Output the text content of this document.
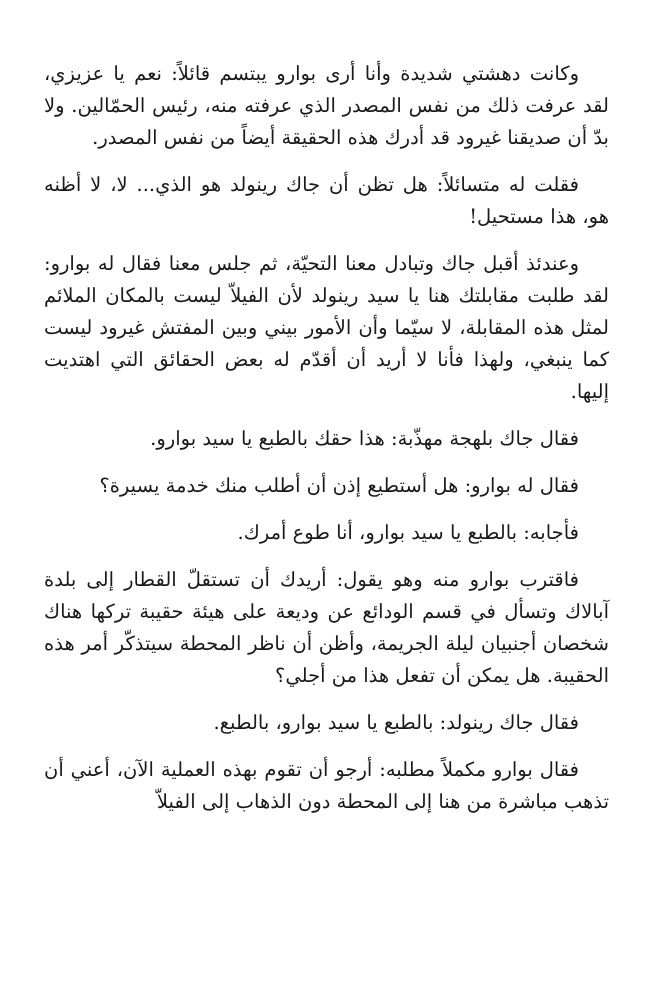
وكانت دهشتي شديدة وأنا أرى بوارو يبتسم قائلاً: نعم يا عزيزي، لقد عرفت ذلك من نفس المصدر الذي عرفته منه، رئيس الحمّالين. ولا بدّ أن صديقنا غيرود قد أدرك هذه الحقيقة أيضاً من نفس المصدر.

فقلت له متسائلاً: هل تظن أن جاك رينولد هو الذي... لا، لا أظنه هو، هذا مستحيل!

وعندئذ أقبل جاك وتبادل معنا التحيّة، ثم جلس معنا فقال له بوارو: لقد طلبت مقابلتك هنا يا سيد رينولد لأن الفيلاّ ليست بالمكان الملائم لمثل هذه المقابلة، لا سيّما وأن الأمور بيني وبين المفتش غيرود ليست كما ينبغي، ولهذا فأنا لا أريد أن أقدّم له بعض الحقائق التي اهتديت إليها.

فقال جاك بلهجة مهذّبة: هذا حقك بالطبع يا سيد بوارو.

فقال له بوارو: هل أستطيع إذن أن أطلب منك خدمة يسيرة؟

فأجابه: بالطبع يا سيد بوارو، أنا طوع أمرك.

فاقترب بوارو منه وهو يقول: أريدك أن تستقلّ القطار إلى بلدة آبالاك وتسأل في قسم الودائع عن وديعة على هيئة حقيبة تركها هناك شخصان أجنبيان ليلة الجريمة، وأظن أن ناظر المحطة سيتذكّر أمر هذه الحقيبة. هل يمكن أن تفعل هذا من أجلي؟

فقال جاك رينولد: بالطبع يا سيد بوارو، بالطبع.

فقال بوارو مكملاً مطلبه: أرجو أن تقوم بهذه العملية الآن، أعني أن تذهب مباشرة من هنا إلى المحطة دون الذهاب إلى الفيلاّ
